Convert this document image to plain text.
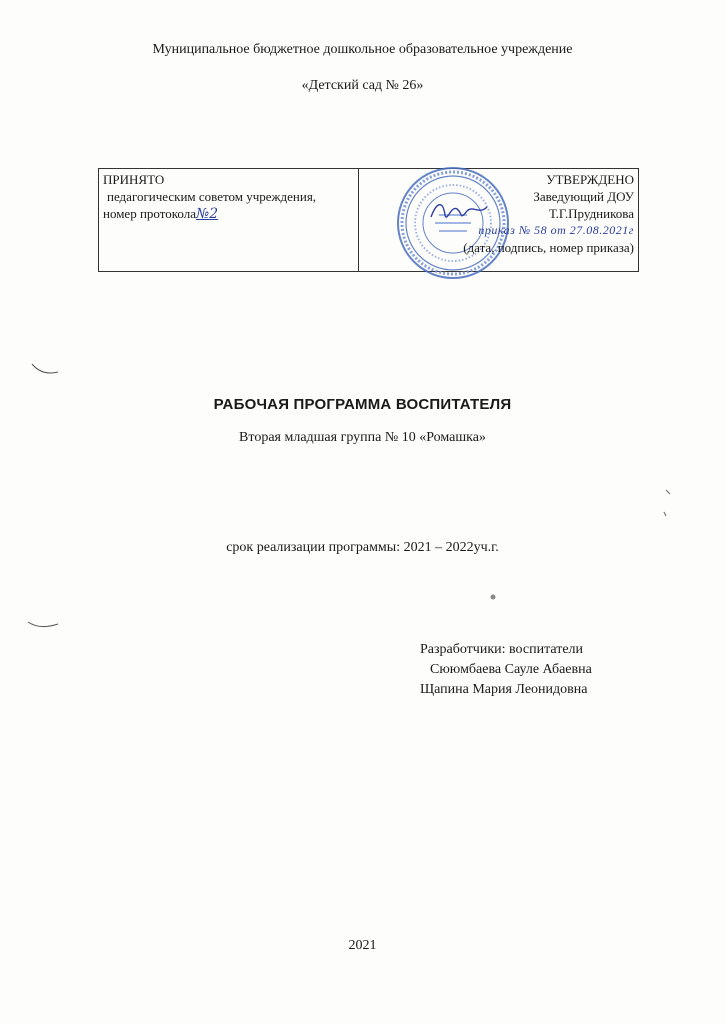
Муниципальное бюджетное дошкольное образовательное учреждение
«Детский сад № 26»
ПРИНЯТО
педагогическим советом учреждения,
номер протокола№2
УТВЕРЖДЕНО
Заведующий ДОУ
Т.Г.Прудникова
приказ № 58 от 27.08.2021г
(дата, подпись, номер приказа)
РАБОЧАЯ ПРОГРАММА ВОСПИТАТЕЛЯ
Вторая младшая группа № 10 «Ромашка»
срок реализации программы: 2021 – 2022уч.г.
Разработчики: воспитатели
Сююмбаева Сауле Абаевна
Щапина Мария Леонидовна
2021
